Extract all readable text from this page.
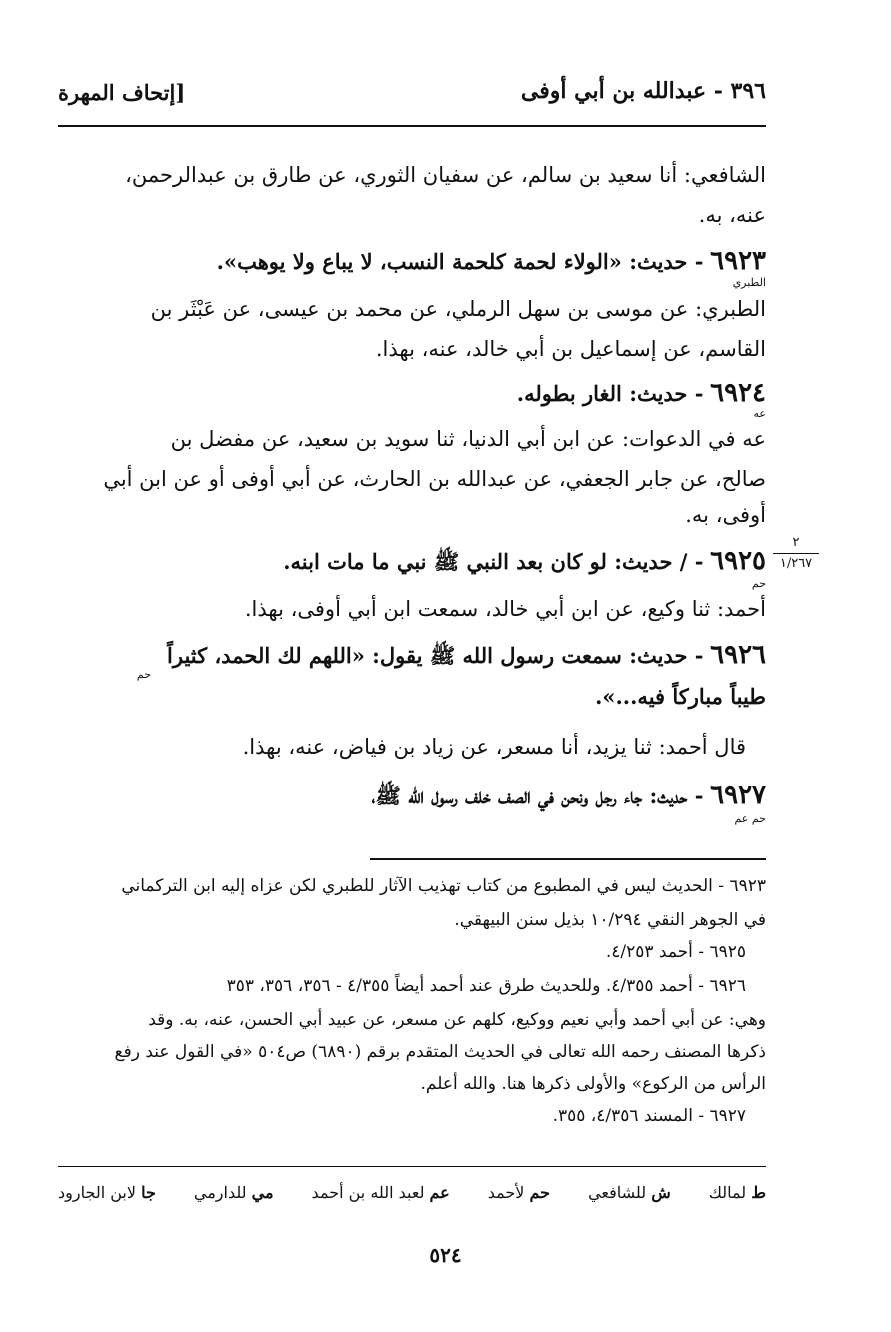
٣٩٦ - عبدالله بن أبي أوفى
[إتحاف المهرة
٢
١/٢٦٧
الشافعي: أنا سعيد بن سالم، عن سفيان الثوري، عن طارق بن عبدالرحمن،
عنه، به.
٦٩٢٣ - حديث: «الولاء لحمة كلحمة النسب، لا يباع ولا يوهب».
الطبري
الطبري: عن موسى بن سهل الرملي، عن محمد بن عيسى، عن عَبْثَر بن
القاسم، عن إسماعيل بن أبي خالد، عنه، بهذا.
٦٩٢٤ - حديث: الغار بطوله.
عه
عه في الدعوات: عن ابن أبي الدنيا، ثنا سويد بن سعيد، عن مفضل بن
صالح، عن جابر الجعفي، عن عبدالله بن الحارث، عن أبي أوفى أو عن ابن أبي
أوفى، به.
٦٩٢٥ - / حديث: لو كان بعد النبي ﷺ نبي ما مات ابنه.
حم
أحمد: ثنا وكيع، عن ابن أبي خالد، سمعت ابن أبي أوفى، بهذا.
٦٩٢٦ - حديث: سمعت رسول الله ﷺ يقول: «اللهم لك الحمد، كثيراً
حم
طيباً مباركاً فيه...».
قال أحمد: ثنا يزيد، أنا مسعر، عن زياد بن فياض، عنه، بهذا.
٦٩٢٧ - حديث: جاء رجل ونحن في الصف خلف رسول الله ﷺ،
حم عم
٦٩٢٣ - الحديث ليس في المطبوع من كتاب تهذيب الآثار للطبري لكن عزاه إليه ابن التركماني
في الجوهر النقي ١٠/٢٩٤ بذيل سنن البيهقي.
٦٩٢٥ - أحمد ٤/٢٥٣.
٦٩٢٦ - أحمد ٤/٣٥٥. وللحديث طرق عند أحمد أيضاً ٤/٣٥٥ - ٣٥٦، ٣٥٦، ٣٥٣
وهي: عن أبي أحمد وأبي نعيم ووكيع، كلهم عن مسعر، عن عبيد أبي الحسن، عنه، به. وقد
ذكرها المصنف رحمه الله تعالى في الحديث المتقدم برقم (٦٨٩٠) ص٥٠٤ «في القول عند رفع
الرأس من الركوع» والأولى ذكرها هنا. والله أعلم.
٦٩٢٧ - المسند ٤/٣٥٦، ٣٥٥.
ط لمالك
ش للشافعي
حم لأحمد
عم لعبد الله بن أحمد
مي للدارمي
جا لابن الجارود
٥٢٤
